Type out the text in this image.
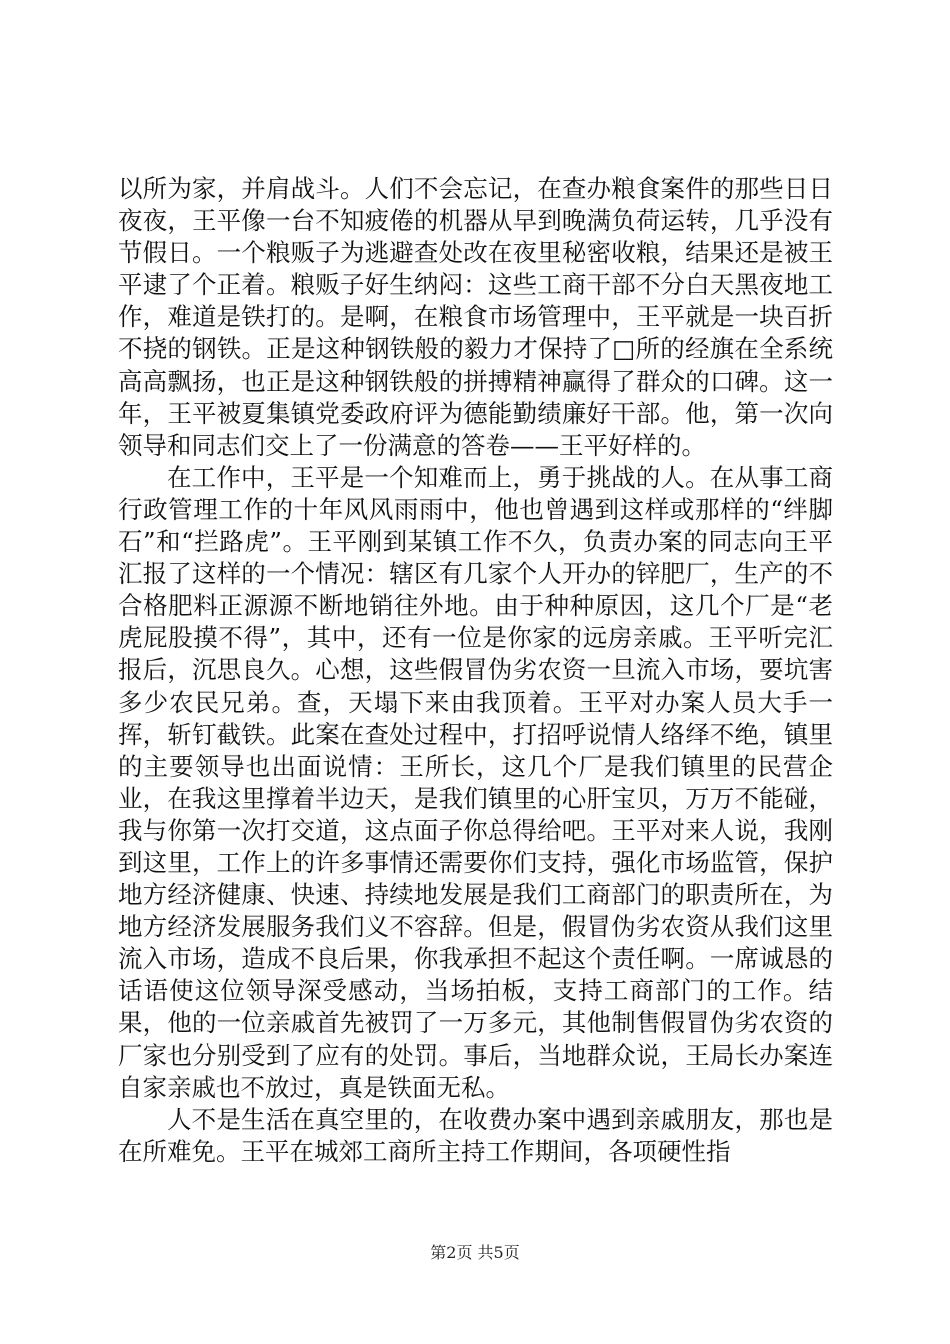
以所为家，并肩战斗。人们不会忘记，在查办粮食案件的那些日日夜夜，王平像一台不知疲倦的机器从早到晚满负荷运转，几乎没有节假日。一个粮贩子为逃避查处改在夜里秘密收粮，结果还是被王平逮了个正着。粮贩子好生纳闷：这些工商干部不分白天黑夜地工作，难道是铁打的。是啊，在粮食市场管理中，王平就是一块百折不挠的钢铁。正是这种钢铁般的毅力才保持了□所的经旗在全系统高高飘扬，也正是这种钢铁般的拼搏精神赢得了群众的口碑。这一年，王平被夏集镇党委政府评为德能勤绩廉好干部。他，第一次向领导和同志们交上了一份满意的答卷——王平好样的。

在工作中，王平是一个知难而上，勇于挑战的人。在从事工商行政管理工作的十年风风雨雨中，他也曾遇到这样或那样的“绊脚石”和“拦路虎”。王平刚到某镇工作不久，负责办案的同志向王平汇报了这样的一个情况：辖区有几家个人开办的锌肥厂，生产的不合格肥料正源源不断地销往外地。由于种种原因，这几个厂是“老虎屁股摸不得”，其中，还有一位是你家的远房亲戚。王平听完汇报后，沉思良久。心想，这些假冒伪劣农资一旦流入市场，要坑害多少农民兄弟。查，天塌下来由我顶着。王平对办案人员大手一挥，斩钉截铁。此案在查处过程中，打招呼说情人络绎不绝，镇里的主要领导也出面说情：王所长，这几个厂是我们镇里的民营企业，在我这里撑着半边天，是我们镇里的心肝宝贝，万万不能碰，我与你第一次打交道，这点面子你总得给吧。王平对来人说，我刚到这里，工作上的许多事情还需要你们支持，强化市场监管，保护地方经济健康、快速、持续地发展是我们工商部门的职责所在，为地方经济发展服务我们义不容辞。但是，假冒伪劣农资从我们这里流入市场，造成不良后果，你我承担不起这个责任啊。一席诚恳的话语使这位领导深受感动，当场拍板，支持工商部门的工作。结果，他的一位亲戚首先被罚了一万多元，其他制售假冒伪劣农资的厂家也分别受到了应有的处罚。事后，当地群众说，王局长办案连自家亲戚也不放过，真是铁面无私。

人不是生活在真空里的，在收费办案中遇到亲戚朋友，那也是在所难免。王平在城郊工商所主持工作期间，各项硬性指

第2页 共5页
